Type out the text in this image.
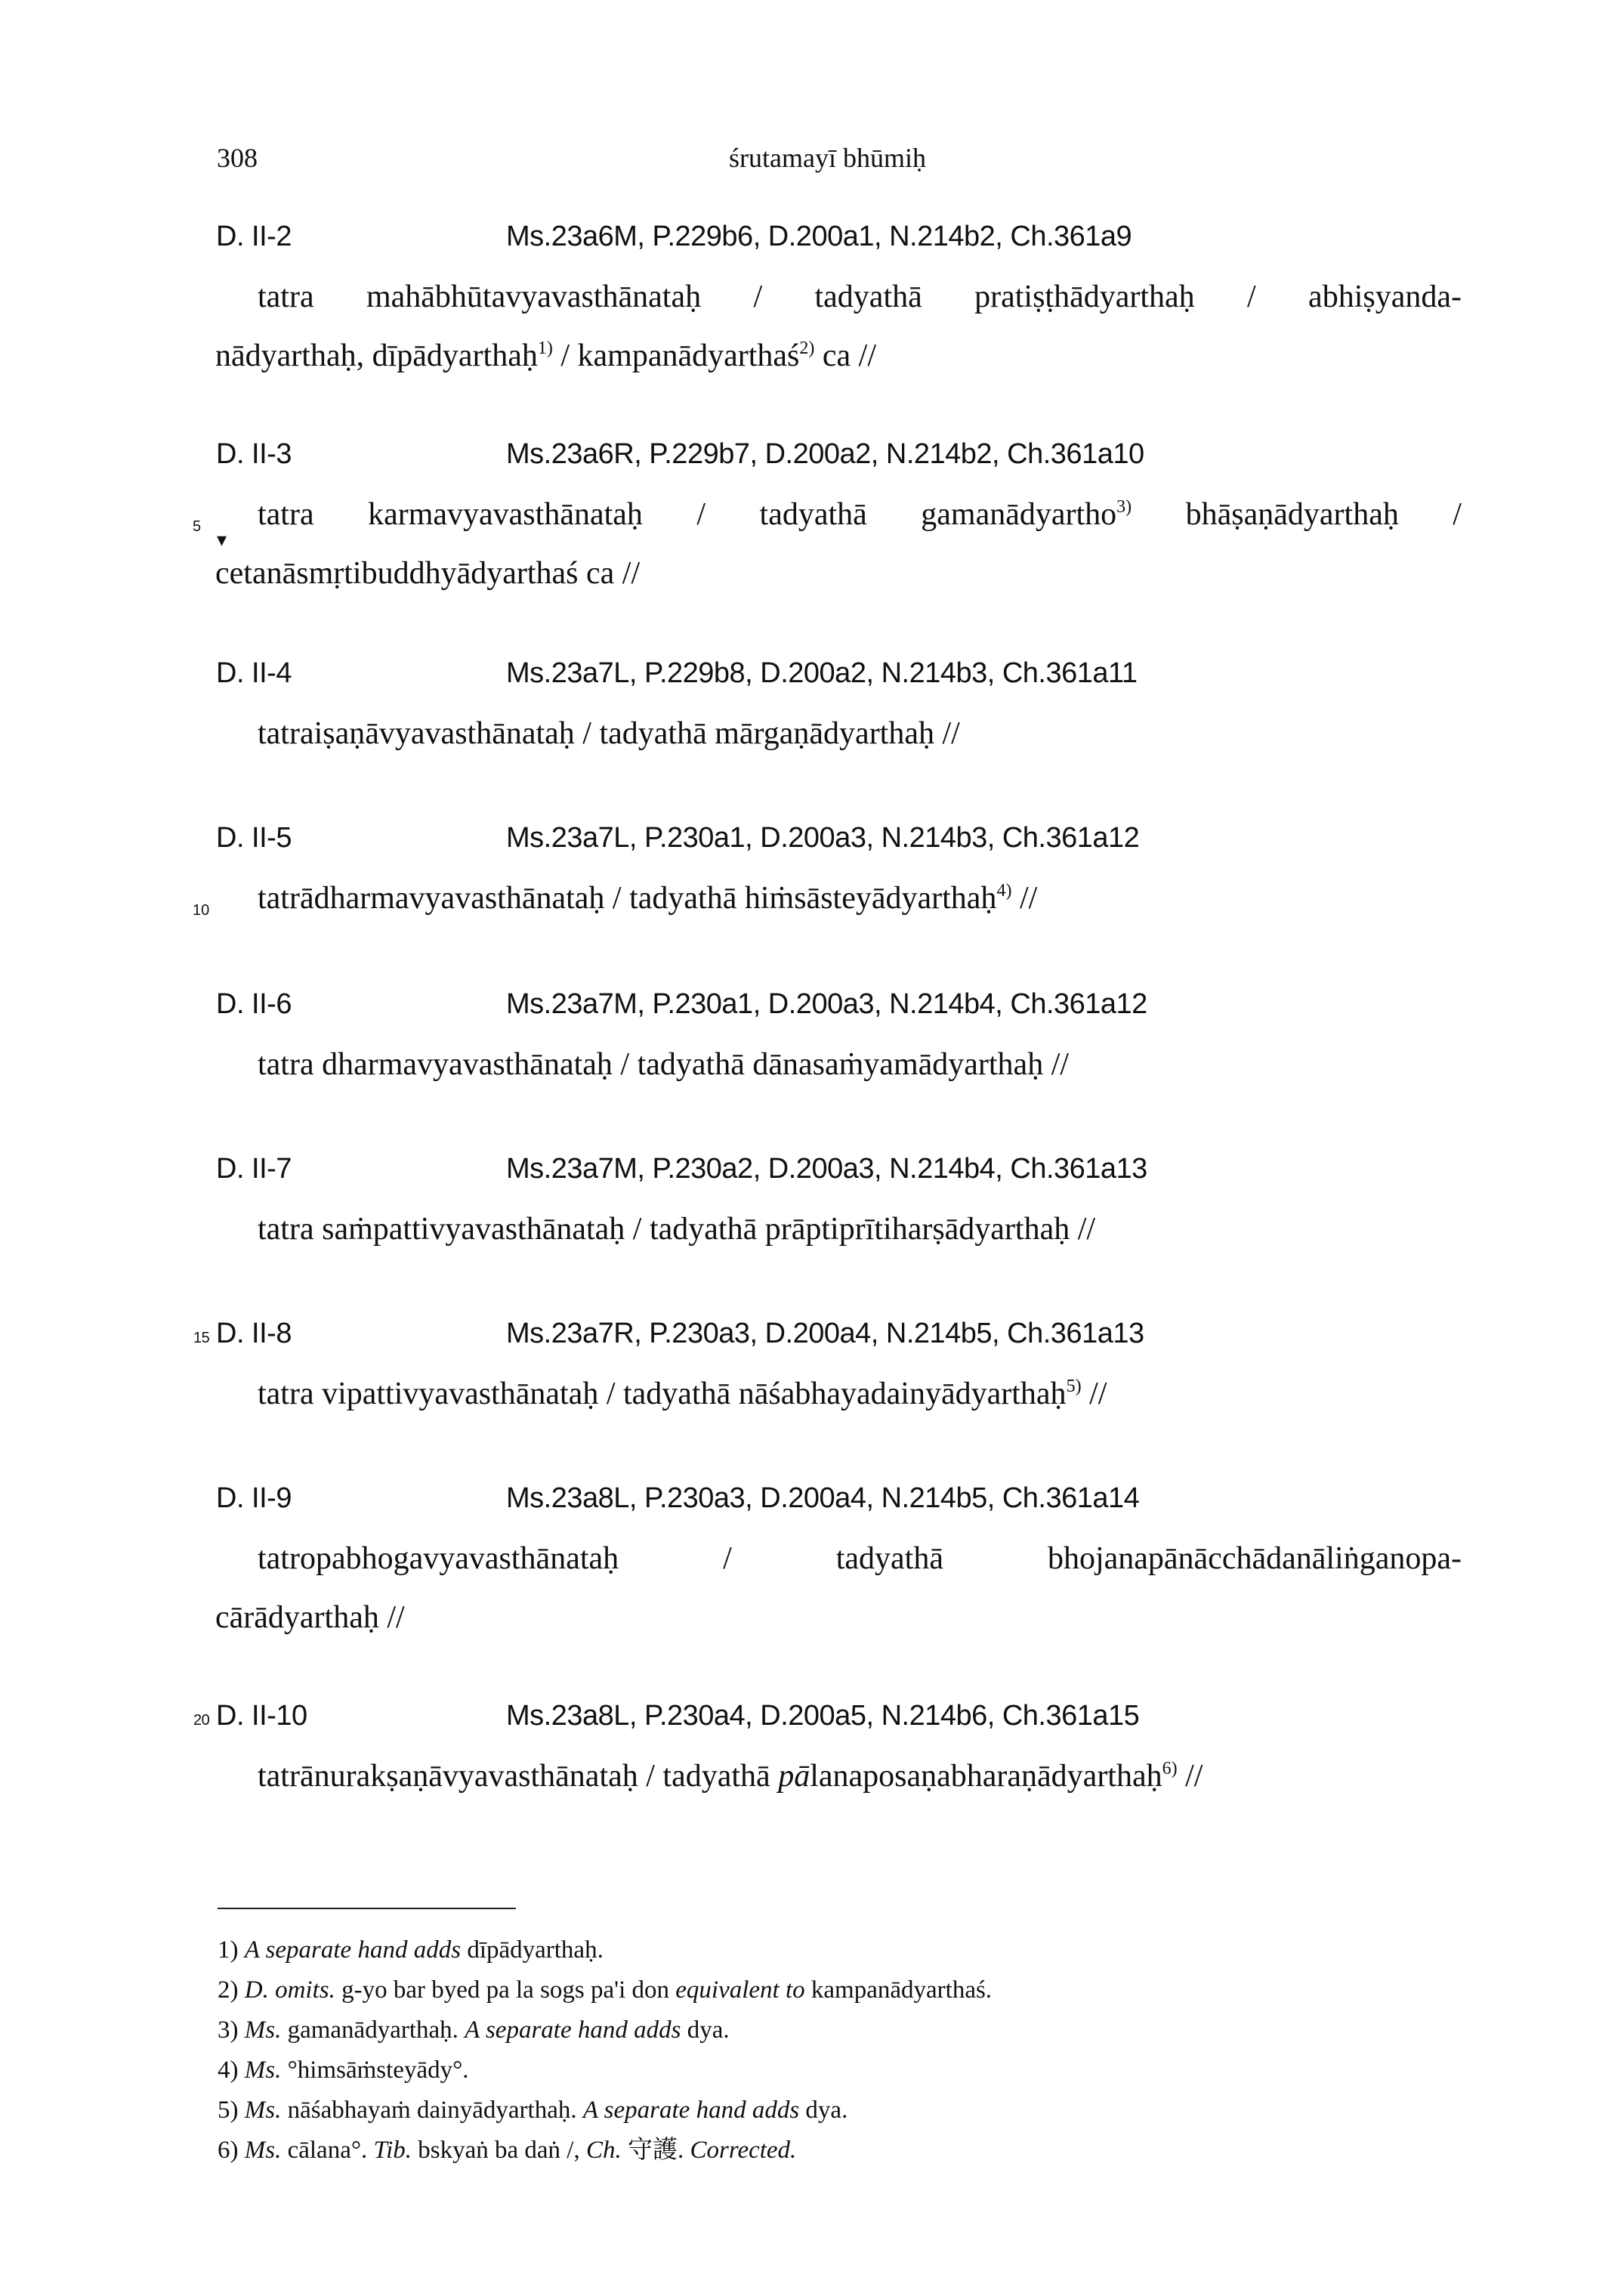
308	śrutamayī bhūmiḥ
D. II-2	Ms.23a6M, P.229b6, D.200a1, N.214b2, Ch.361a9
tatra mahābhūtavyavasthānataḥ / tadyathā pratiṣṭhādyarthaḥ / abhiṣyanda-
nādyarthaḥ, dīpādyarthaḥ$^{1)}$ / kampanādyarthaś$^{2)}$ ca //
D. II-3	Ms.23a6R, P.229b7, D.200a2, N.214b2, Ch.361a10
5	tatra karmavyavasthānataḥ / tadyathā gamanādyartho$^{3)}$ bhāṣaṇādyarthaḥ /
cetanāsmṛtibuddhyādyarthaś ca //
▾
D. II-4	Ms.23a7L, P.229b8, D.200a2, N.214b3, Ch.361a11
tatraiṣaṇāvyavasthānataḥ / tadyathā mārgaṇādyarthaḥ //
D. II-5	Ms.23a7L, P.230a1, D.200a3, N.214b3, Ch.361a12
10	tatrādharmavyavasthānataḥ / tadyathā hiṁsāsteyādyarthaḥ$^{4)}$ //
D. II-6	Ms.23a7M, P.230a1, D.200a3, N.214b4, Ch.361a12
tatra dharmavyavasthānataḥ / tadyathā dānasaṁyamādyarthaḥ //
D. II-7	Ms.23a7M, P.230a2, D.200a3, N.214b4, Ch.361a13
tatra saṁpattivyavasthānataḥ / tadyathā prāptiprītiharṣādyarthaḥ //
15 D. II-8	Ms.23a7R, P.230a3, D.200a4, N.214b5, Ch.361a13
tatra vipattivyavasthānataḥ / tadyathā nāśabhayadainyādyarthaḥ$^{5)}$ //
D. II-9	Ms.23a8L, P.230a3, D.200a4, N.214b5, Ch.361a14
tatropabhogavyavasthānataḥ / tadyathā bhojanapānācchādanāliṅganopa-
cārādyarthaḥ //
20 D. II-10	Ms.23a8L, P.230a4, D.200a5, N.214b6, Ch.361a15
tatrānurakṣaṇāvyavasthānataḥ / tadyathā pālanaposaṇabharaṇādyarthaḥ$^{6)}$ //
1) A separate hand adds dīpādyarthaḥ.
2) D. omits. g-yo bar byed pa la sogs pa'i don equivalent to kampanādyarthaś.
3) Ms. gamanādyarthaḥ. A separate hand adds dya.
4) Ms. °himsāṁsteyādy°.
5) Ms. nāśabhayaṁ dainyādyarthaḥ. A separate hand adds dya.
6) Ms. cālana°. Tib. bskyaṅ ba daṅ /, Ch. 守護. Corrected.
